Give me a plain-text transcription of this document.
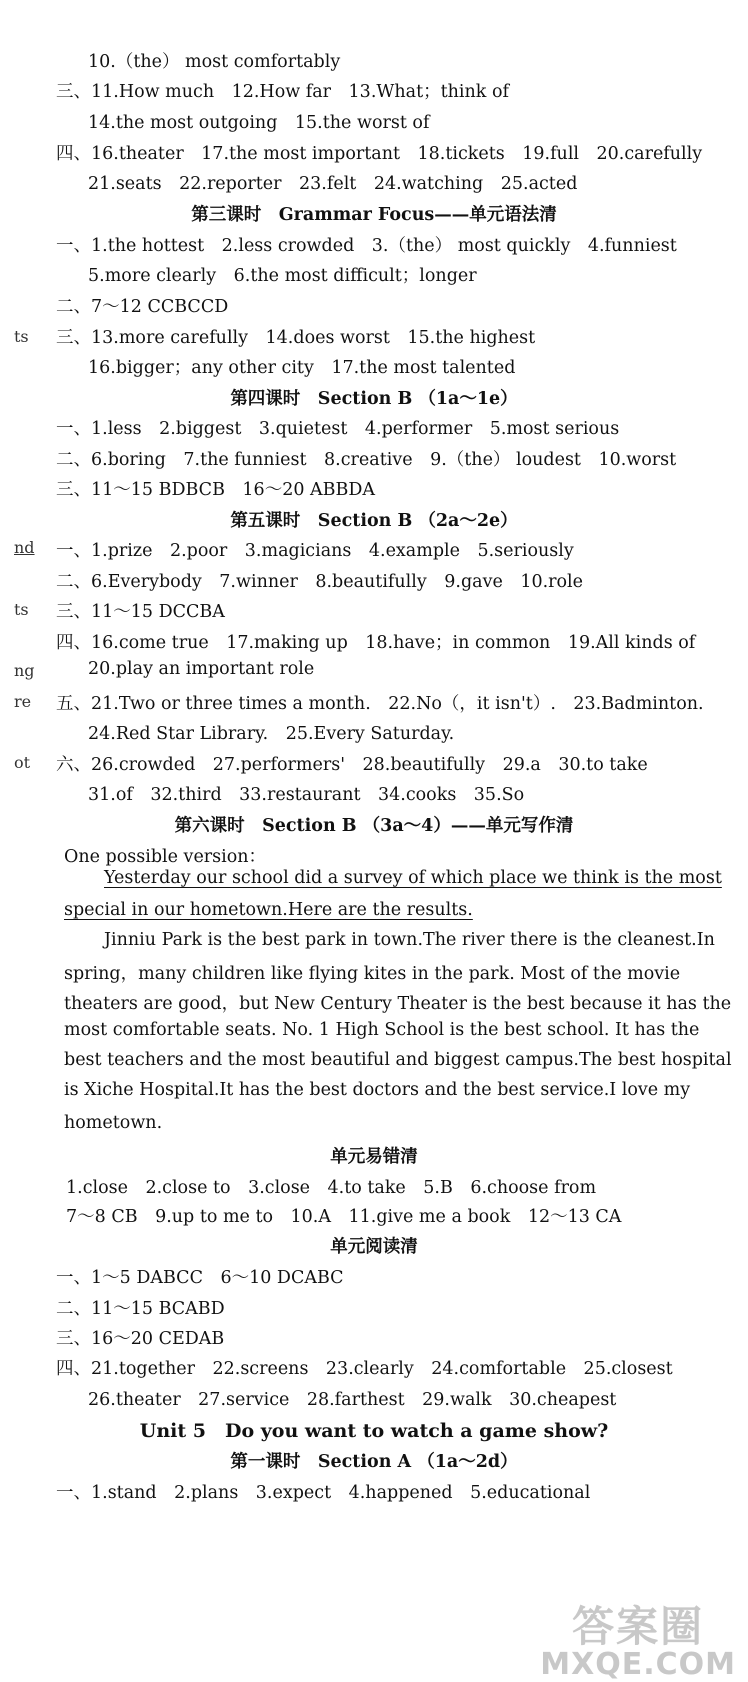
ts
nd
ts
ng
re
ot
10.（the） most comfortably
三、11.How much　12.How far　13.What；think of
14.the most outgoing　15.the worst of
四、16.theater　17.the most important　18.tickets　19.full　20.carefully
21.seats　22.reporter　23.felt　24.watching　25.acted
第三课时　Grammar Focus——单元语法清
一、1.the hottest　2.less crowded　3.（the） most quickly　4.funniest
5.more clearly　6.the most difficult；longer
二、7～12 CCBCCD
三、13.more carefully　14.does worst　15.the highest
16.bigger；any other city　17.the most talented
第四课时　Section B （1a～1e）
一、1.less　2.biggest　3.quietest　4.performer　5.most serious
二、6.boring　7.the funniest　8.creative　9.（the） loudest　10.worst
三、11～15 BDBCB　16～20 ABBDA
第五课时　Section B （2a～2e）
一、1.prize　2.poor　3.magicians　4.example　5.seriously
二、6.Everybody　7.winner　8.beautifully　9.gave　10.role
三、11～15 DCCBA
四、16.come true　17.making up　18.have；in common　19.All kinds of
20.play an important role
五、21.Two or three times a month.　22.No（，it isn't）.　23.Badminton.
24.Red Star Library.　25.Every Saturday.
六、26.crowded　27.performers'　28.beautifully　29.a　30.to take
31.of　32.third　33.restaurant　34.cooks　35.So
第六课时　Section B （3a～4）——单元写作清
One possible version：
Yesterday our school did a survey of which place we think is the most
special in our hometown.Here are the results.
Jinniu Park is the best park in town.The river there is the cleanest.In
spring，many children like flying kites in the park. Most of the movie
theaters are good，but New Century Theater is the best because it has the
most comfortable seats. No. 1 High School is the best school. It has the
best teachers and the most beautiful and biggest campus.The best hospital
is Xiche Hospital.It has the best doctors and the best service.I love my
hometown.
单元易错清
1.close　2.close to　3.close　4.to take　5.B　6.choose from
7～8 CB　9.up to me to　10.A　11.give me a book　12～13 CA
单元阅读清
一、1～5 DABCC　6～10 DCABC
二、11～15 BCABD
三、16～20 CEDAB
四、21.together　22.screens　23.clearly　24.comfortable　25.closest
26.theater　27.service　28.farthest　29.walk　30.cheapest
Unit 5　Do you want to watch a game show?
第一课时　Section A （1a～2d）
一、1.stand　2.plans　3.expect　4.happened　5.educational
答案圈
MXQE.COM
